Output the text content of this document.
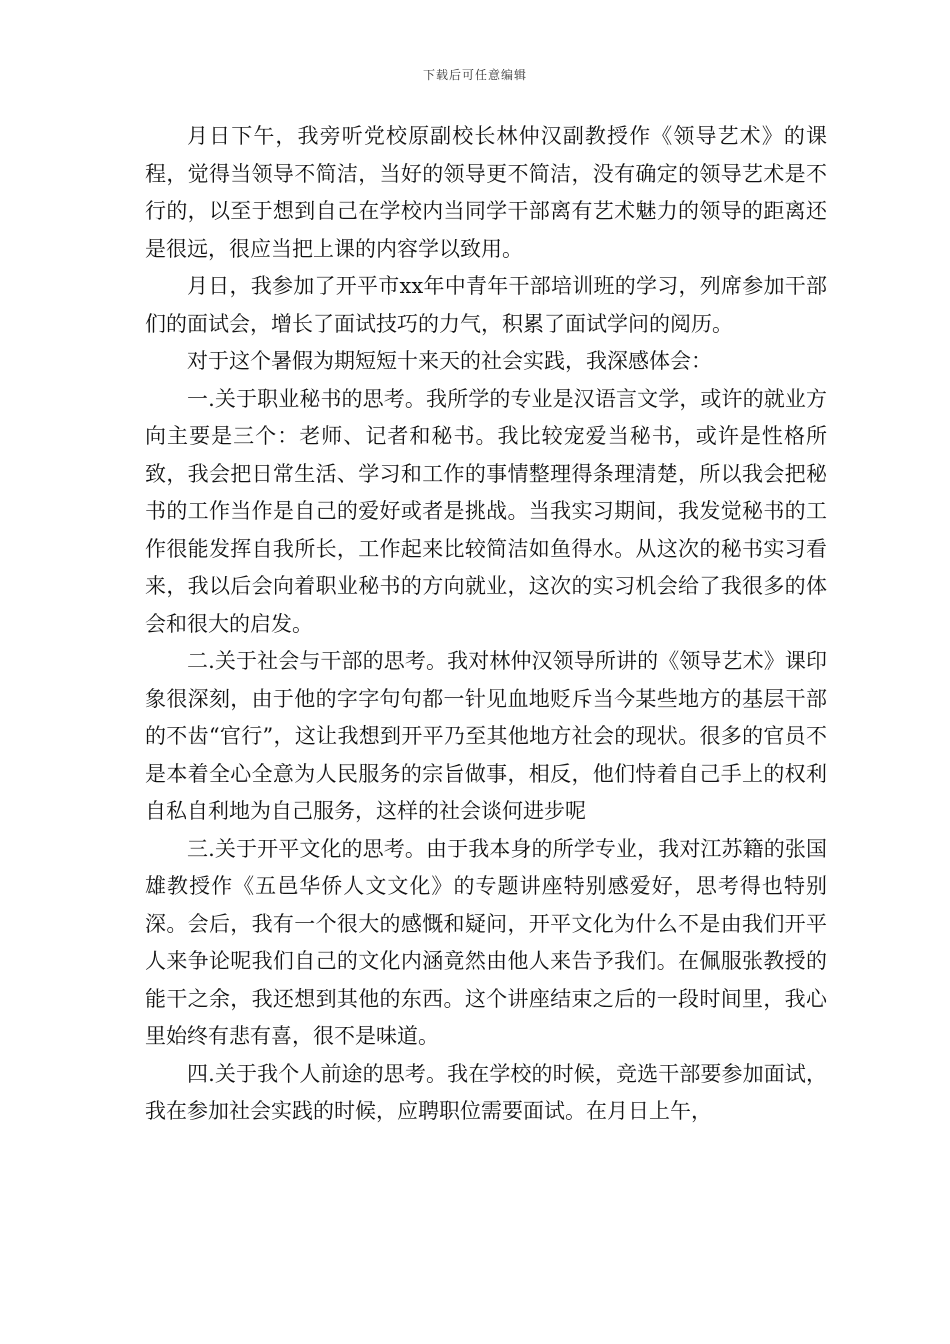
下载后可任意编辑

月日下午，我旁听党校原副校长林仲汉副教授作《领导艺术》的课程，觉得当领导不简洁，当好的领导更不简洁，没有确定的领导艺术是不行的，以至于想到自己在学校内当同学干部离有艺术魅力的领导的距离还是很远，很应当把上课的内容学以致用。

月日，我参加了开平市xx年中青年干部培训班的学习，列席参加干部们的面试会，增长了面试技巧的力气，积累了面试学问的阅历。

对于这个暑假为期短短十来天的社会实践，我深感体会：

一.关于职业秘书的思考。我所学的专业是汉语言文学，或许的就业方向主要是三个：老师、记者和秘书。我比较宠爱当秘书，或许是性格所致，我会把日常生活、学习和工作的事情整理得条理清楚，所以我会把秘书的工作当作是自己的爱好或者是挑战。当我实习期间，我发觉秘书的工作很能发挥自我所长，工作起来比较简洁如鱼得水。从这次的秘书实习看来，我以后会向着职业秘书的方向就业，这次的实习机会给了我很多的体会和很大的启发。

二.关于社会与干部的思考。我对林仲汉领导所讲的《领导艺术》课印象很深刻，由于他的字字句句都一针见血地贬斥当今某些地方的基层干部的不齿“官行”，这让我想到开平乃至其他地方社会的现状。很多的官员不是本着全心全意为人民服务的宗旨做事，相反，他们恃着自己手上的权利自私自利地为自己服务，这样的社会谈何进步呢

三.关于开平文化的思考。由于我本身的所学专业，我对江苏籍的张国雄教授作《五邑华侨人文文化》的专题讲座特别感爱好，思考得也特别深。会后，我有一个很大的感慨和疑问，开平文化为什么不是由我们开平人来争论呢我们自己的文化内涵竟然由他人来告予我们。在佩服张教授的能干之余，我还想到其他的东西。这个讲座结束之后的一段时间里，我心里始终有悲有喜，很不是味道。

四.关于我个人前途的思考。我在学校的时候，竞选干部要参加面试，我在参加社会实践的时候，应聘职位需要面试。在月日上午，
